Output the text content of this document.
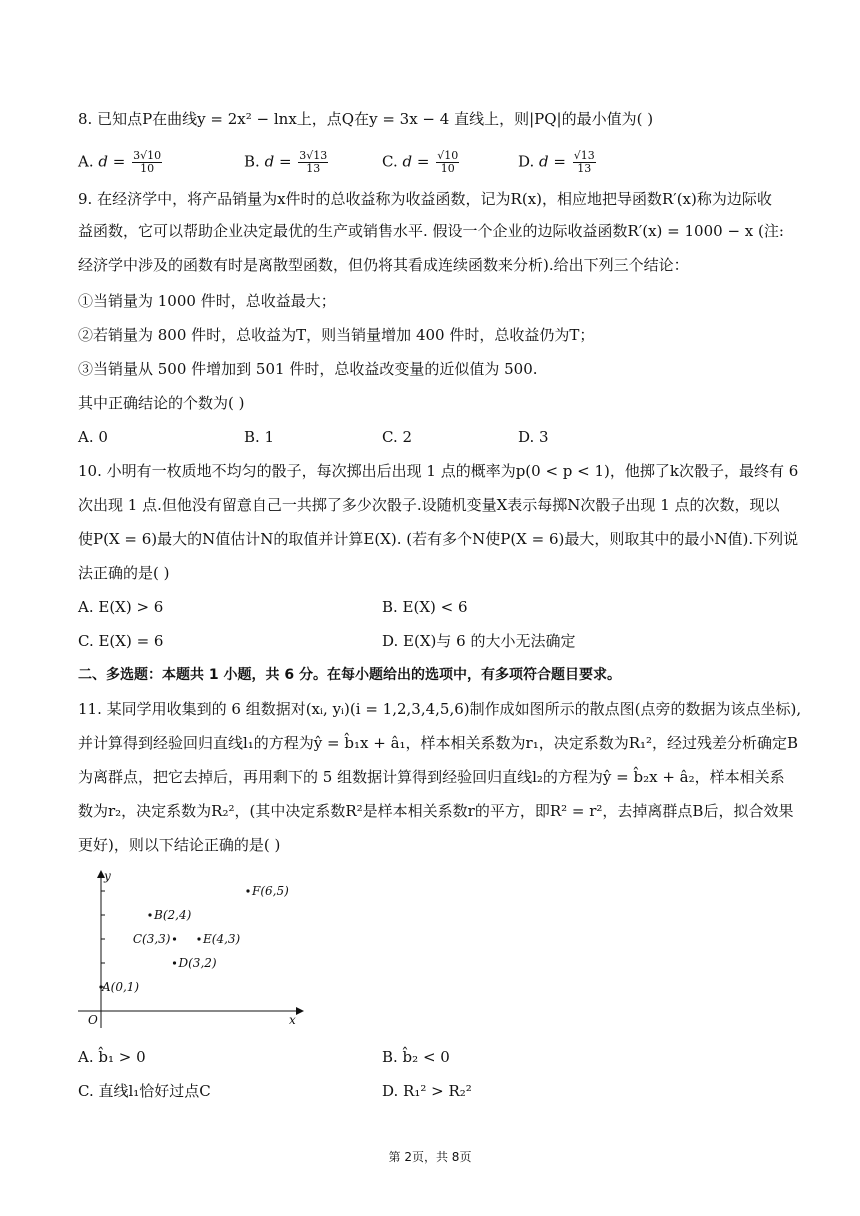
8. 已知点P在曲线y = 2x² − lnx上，点Q在y = 3x − 4 直线上，则|PQ|的最小值为( )
A. $d = \frac{3√10}{10}$	B. $d = \frac{3√13}{13}$	C. $d = \frac{√10}{10}$	D. $d = \frac{√13}{13}$
9. 在经济学中，将产品销量为x件时的总收益称为收益函数，记为R(x)，相应地把导函数R′(x)称为边际收
益函数，它可以帮助企业决定最优的生产或销售水平. 假设一个企业的边际收益函数R′(x) = 1000 − x (注:
经济学中涉及的函数有时是离散型函数，但仍将其看成连续函数来分析).给出下列三个结论：
①当销量为 1000 件时，总收益最大；
②若销量为 800 件时，总收益为T，则当销量增加 400 件时，总收益仍为T；
③当销量从 500 件增加到 501 件时，总收益改变量的近似值为 500.
其中正确结论的个数为( )
A. 0	B. 1	C. 2	D. 3
10. 小明有一枚质地不均匀的骰子，每次掷出后出现 1 点的概率为p(0 < p < 1)，他掷了k次骰子，最终有 6
次出现 1 点.但他没有留意自己一共掷了多少次骰子.设随机变量X表示每掷N次骰子出现 1 点的次数，现以
使P(X = 6)最大的N值估计N的取值并计算E(X). (若有多个N使P(X = 6)最大，则取其中的最小N值).下列说
法正确的是( )
A. E(X) > 6	B. E(X) < 6
C. E(X) = 6	D. E(X)与 6 的大小无法确定
二、多选题：本题共 1 小题，共 6 分。在每小题给出的选项中，有多项符合题目要求。
11. 某同学用收集到的 6 组数据对(xᵢ, yᵢ)(i = 1,2,3,4,5,6)制作成如图所示的散点图(点旁的数据为该点坐标),
并计算得到经验回归直线l₁的方程为ŷ = b̂₁x + â₁，样本相关系数为r₁，决定系数为R₁²，经过残差分析确定B
为离群点，把它去掉后，再用剩下的 5 组数据计算得到经验回归直线l₂的方程为ŷ = b̂₂x + â₂，样本相关系
数为r₂，决定系数为R₂²，(其中决定系数R²是样本相关系数r的平方，即R² = r²，去掉离群点B后，拟合效果
更好)，则以下结论正确的是( )
x
y
O
A(0,1)
B(2,4)
C(3,3)
D(3,2)
E(4,3)
F(6,5)
A. b̂₁ > 0	B. b̂₂ < 0
C. 直线l₁恰好过点C	D. R₁² > R₂²
第 2页，共 8页
